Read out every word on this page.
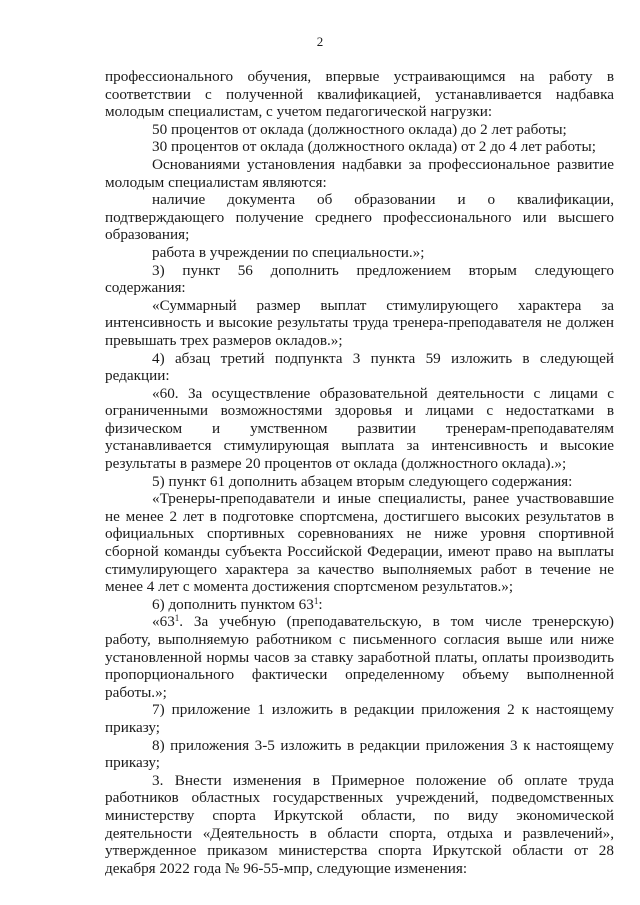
2

профессионального обучения, впервые устраивающимся на работу в соответствии с полученной квалификацией, устанавливается надбавка молодым специалистам, с учетом педагогической нагрузки:

50 процентов от оклада (должностного оклада) до 2 лет работы;

30 процентов от оклада (должностного оклада) от 2 до 4 лет работы;

Основаниями установления надбавки за профессиональное развитие молодым специалистам являются:

наличие документа об образовании и о квалификации, подтверждающего получение среднего профессионального или высшего образования;

работа в учреждении по специальности.»;

3) пункт 56 дополнить предложением вторым следующего содержания:

«Суммарный размер выплат стимулирующего характера за интенсивность и высокие результаты труда тренера-преподавателя не должен превышать трех размеров окладов.»;

4) абзац третий подпункта 3 пункта 59 изложить в следующей редакции:

«60. За осуществление образовательной деятельности с лицами с ограниченными возможностями здоровья и лицами с недостатками в физическом и умственном развитии тренерам-преподавателям устанавливается стимулирующая выплата за интенсивность и высокие результаты в размере 20 процентов от оклада (должностного оклада).»;

5) пункт 61 дополнить абзацем вторым следующего содержания:

«Тренеры-преподаватели и иные специалисты, ранее участвовавшие не менее 2 лет в подготовке спортсмена, достигшего высоких результатов в официальных спортивных соревнованиях не ниже уровня спортивной сборной команды субъекта Российской Федерации, имеют право на выплаты стимулирующего характера за качество выполняемых работ в течение не менее 4 лет с момента достижения спортсменом результатов.»;

6) дополнить пунктом $63^1$:

«$63^1$. За учебную (преподавательскую, в том числе тренерскую) работу, выполняемую работником с письменного согласия выше или ниже установленной нормы часов за ставку заработной платы, оплаты производить пропорционального фактически определенному объему выполненной работы.»;

7) приложение 1 изложить в редакции приложения 2 к настоящему приказу;

8) приложения 3-5 изложить в редакции приложения 3 к настоящему приказу;

3. Внести изменения в Примерное положение об оплате труда работников областных государственных учреждений, подведомственных министерству спорта Иркутской области, по виду экономической деятельности «Деятельность в области спорта, отдыха и развлечений», утвержденное приказом министерства спорта Иркутской области от 28 декабря 2022 года № 96-55-мпр, следующие изменения:
